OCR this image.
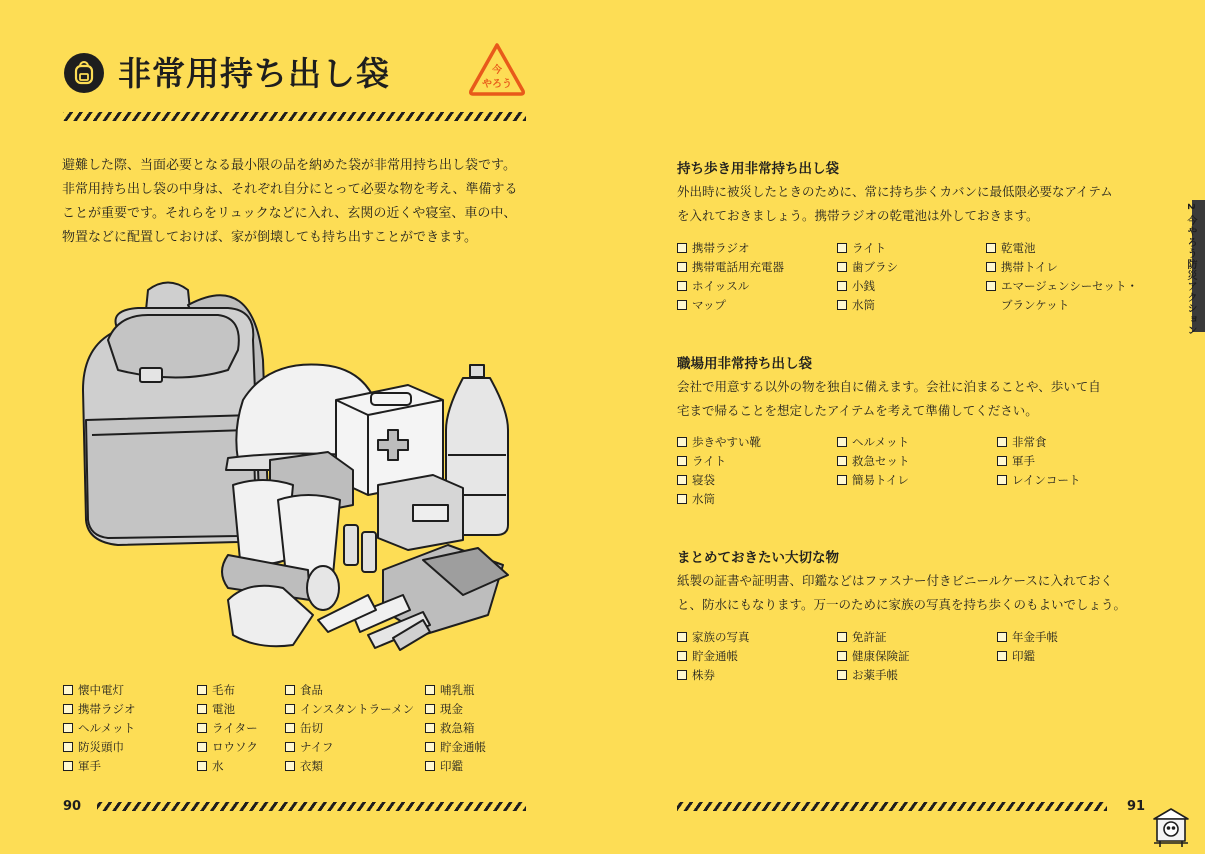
非常用持ち出し袋	今
やろう

避難した際、当面必要となる最小限の品を納めた袋が非常用持ち出し袋です。

非常用持ち出し袋の中身は、それぞれ自分にとって必要な物を考え、準備する

ことが重要です。それらをリュックなどに入れ、玄関の近くや寝室、車の中、

物置などに配置しておけば、家が倒壊しても持ち出すことができます。

懐中電灯
携帯ラジオ
ヘルメット
防災頭巾
軍手
毛布
電池
ライター
ロウソク
水
食品
インスタントラーメン
缶切
ナイフ
衣類
哺乳瓶
現金
救急箱
貯金通帳
印鑑
90
持ち歩き用非常持ち出し袋

外出時に被災したときのために、常に持ち歩くカバンに最低限必要なアイテム

を入れておきましょう。携帯ラジオの乾電池は外しておきます。

携帯ラジオ
携帯電話用充電器
ホイッスル
マップ
ライト
歯ブラシ
小銭
水筒
乾電池
携帯トイレ
エマージェンシーセット・
ブランケット
職場用非常持ち出し袋

会社で用意する以外の物を独自に備えます。会社に泊まることや、歩いて自

宅まで帰ることを想定したアイテムを考えて準備してください。

歩きやすい靴
ライト
寝袋
水筒
ヘルメット
救急セット
簡易トイレ
非常食
軍手
レインコート
まとめておきたい大切な物

紙製の証書や証明書、印鑑などはファスナー付きビニールケースに入れておく

と、防水にもなります。万一のために家族の写真を持ち歩くのもよいでしょう。

家族の写真
貯金通帳
株券
免許証
健康保険証
お薬手帳
年金手帳
印鑑
2 今やろう防災アクション
91
